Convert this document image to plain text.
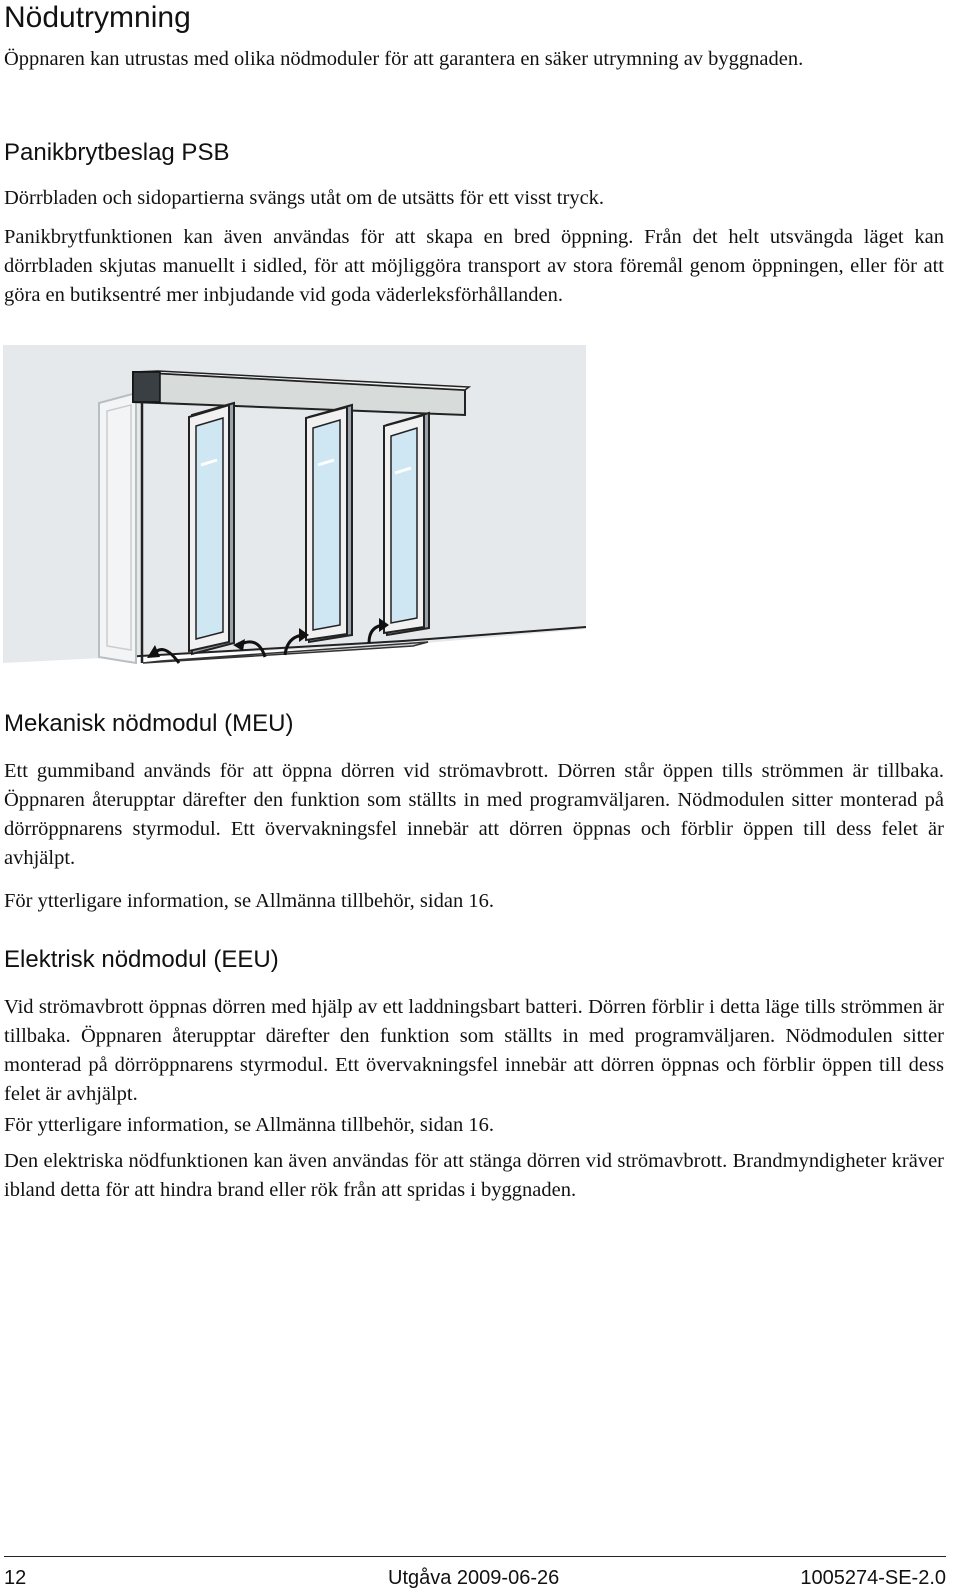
Nödutrymning

Öppnaren kan utrustas med olika nödmoduler för att garantera en säker utrymning av byggnaden.

Panikbrytbeslag PSB

Dörrbladen och sidopartierna svängs utåt om de utsätts för ett visst tryck.

Panikbrytfunktionen kan även användas för att skapa en bred öppning. Från det helt utsvängda läget kan dörrbladen skjutas manuellt i sidled, för att möjliggöra transport av stora föremål genom öppningen, eller för att göra en butiksentré mer inbjudande vid goda väderleksförhållanden.

Mekanisk nödmodul (MEU)

Ett gummiband används för att öppna dörren vid strömavbrott. Dörren står öppen tills strömmen är tillbaka. Öppnaren återupptar därefter den funktion som ställts in med programväljaren. Nödmodulen sitter monterad på dörröppnarens styrmodul. Ett övervakningsfel innebär att dörren öppnas och förblir öppen till dess felet är avhjälpt.

För ytterligare information, se Allmänna tillbehör, sidan 16.

Elektrisk nödmodul (EEU)

Vid strömavbrott öppnas dörren med hjälp av ett laddningsbart batteri. Dörren förblir i detta läge tills strömmen är tillbaka. Öppnaren återupptar därefter den funktion som ställts in med programväljaren. Nödmodulen sitter monterad på dörröppnarens styrmodul. Ett övervakningsfel innebär att dörren öppnas och förblir öppen till dess felet är avhjälpt.

För ytterligare information, se Allmänna tillbehör, sidan 16.

Den elektriska nödfunktionen kan även användas för att stänga dörren vid strömavbrott. Brandmyndigheter kräver ibland detta för att hindra brand eller rök från att spridas i byggnaden.

12	Utgåva 2009-06-26	1005274-SE-2.0
